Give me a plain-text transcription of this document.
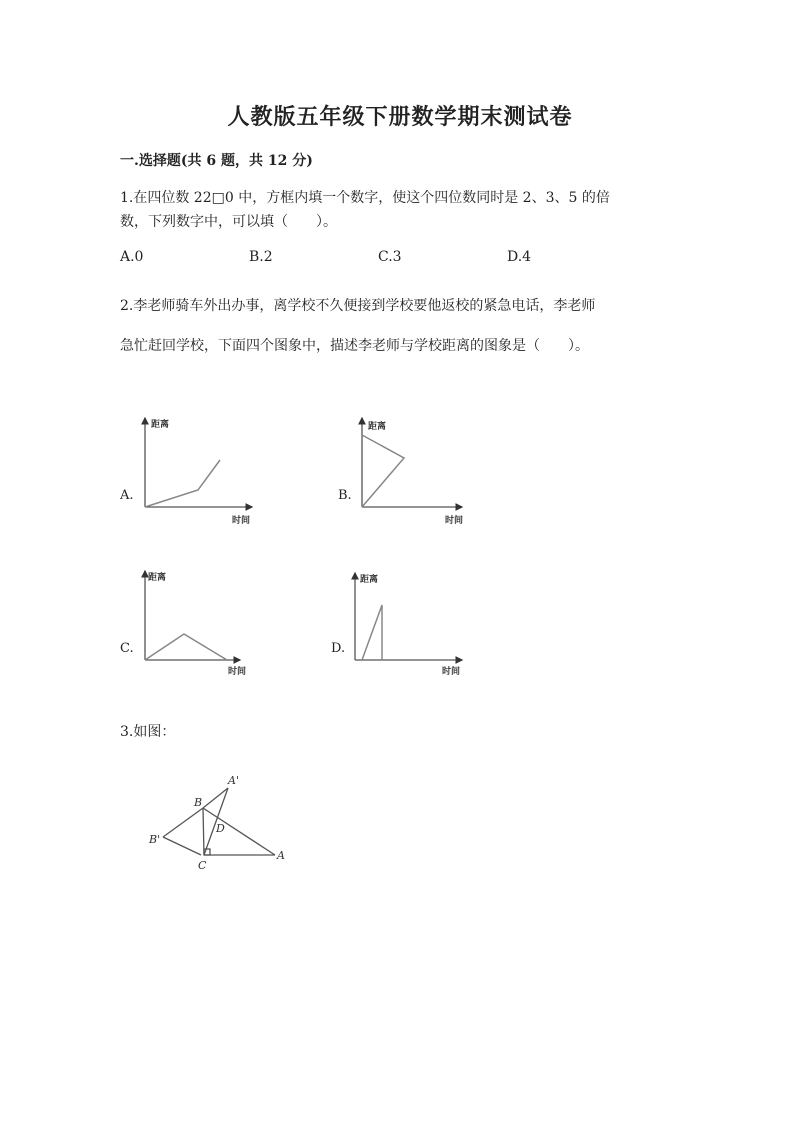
人教版五年级下册数学期末测试卷
一.选择题(共 6 题，共 12 分)
1.在四位数 22□0 中，方框内填一个数字，使这个四位数同时是 2、3、5 的倍
数，下列数字中，可以填（　　）。
A.0	B.2	C.3	D.4
2.李老师骑车外出办事，离学校不久便接到学校要他返校的紧急电话，李老师
急忙赶回学校，下面四个图象中，描述李老师与学校距离的图象是（　　）。
A.
距离
时间
B.
距离
时间
C.
距离
时间
D.
距离
时间
3.如图：
A'
B
D
B'
C
A
